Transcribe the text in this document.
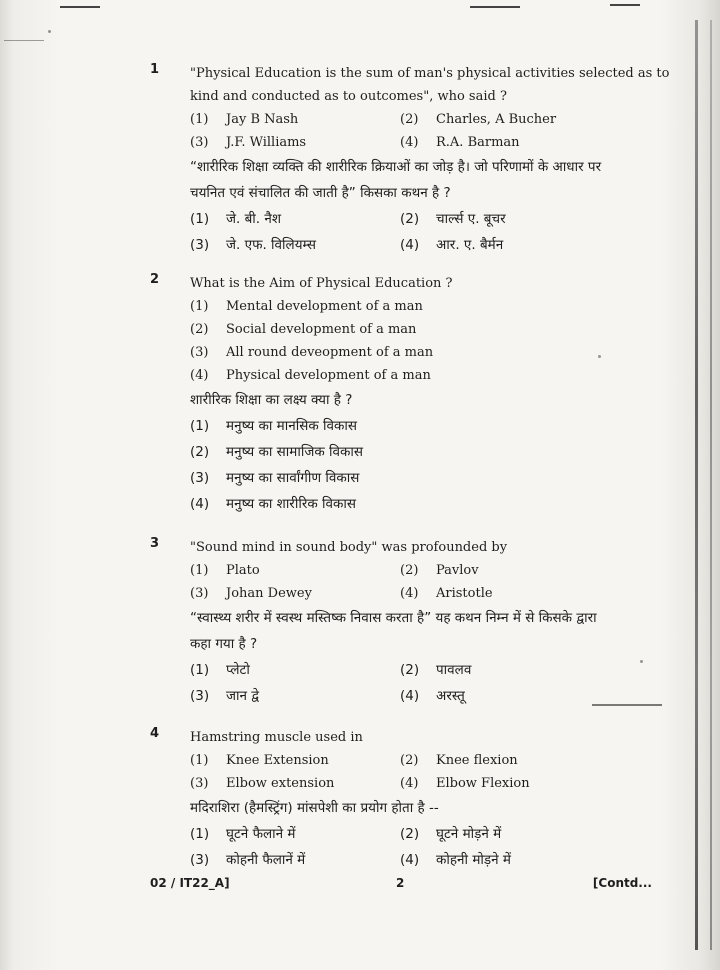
1	"Physical Education is the sum of man's physical activities selected as to
kind and conducted as to outcomes", who said ?
(1) Jay B Nash	(2) Charles, A Bucher
(3) J.F. Williams	(4) R.A. Barman
“शारीरिक शिक्षा व्यक्ति की शारीरिक क्रियाओं का जोड़ है। जो परिणामों के आधार पर
चयनित एवं संचालित की जाती है” किसका कथन है ?
(1) जे. बी. नैश	(2) चार्ल्स ए. बूचर
(3) जे. एफ. विलियम्स	(4) आर. ए. बैर्मन
2	What is the Aim of Physical Education ?
(1) Mental development of a man
(2) Social development of a man
(3) All round deveopment of a man
(4) Physical development of a man
शारीरिक शिक्षा का लक्ष्य क्या है ?
(1) मनुष्य का मानसिक विकास
(2) मनुष्य का सामाजिक विकास
(3) मनुष्य का सार्वांगीण विकास
(4) मनुष्य का शारीरिक विकास
3	"Sound mind in sound body" was profounded by
(1) Plato	(2) Pavlov
(3) Johan Dewey	(4) Aristotle
“स्वास्थ्य शरीर में स्वस्थ मस्तिष्क निवास करता है” यह कथन निम्न में से किसके द्वारा
कहा गया है ?
(1) प्लेटो	(2) पावलव
(3) जान द्वे	(4) अरस्तू
4	Hamstring muscle used in
(1) Knee Extension	(2) Knee flexion
(3) Elbow extension	(4) Elbow Flexion
मदिराशिरा (हैमस्ट्रिंग) मांसपेशी का प्रयोग होता है --
(1) घूटने फैलाने में	(2) घूटने मोड़ने में
(3) कोहनी फैलानें में	(4) कोहनी मोड़ने में
02 / IT22_A]	2	[Contd...
